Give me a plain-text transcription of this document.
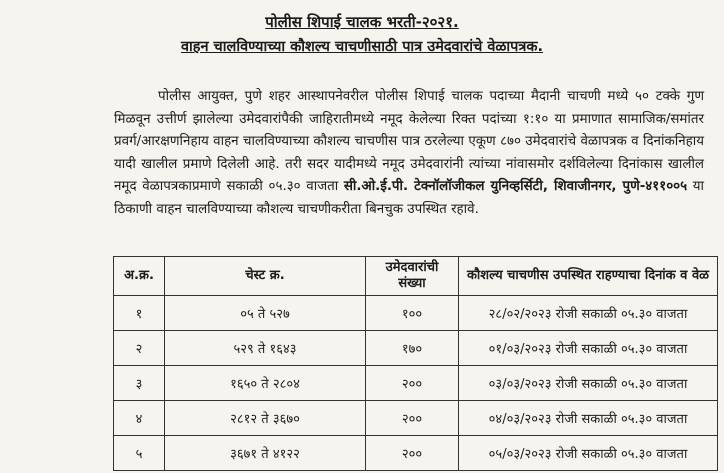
पोलीस शिपाई चालक भरती-२०२१.
वाहन चालविण्याच्या कौशल्य चाचणीसाठी पात्र उमेदवारांचे वेळापत्रक.
पोलीस आयुक्त, पुणे शहर आस्थापनेवरील पोलीस शिपाई चालक पदाच्या मैदानी चाचणी मध्ये ५० टक्के गुण मिळवून उत्तीर्ण झालेल्या उमेदवारांपैकी जाहिरातीमध्ये नमूद केलेल्या रिक्त पदांच्या १:१० या प्रमाणात सामाजिक/समांतर प्रवर्ग/आरक्षणनिहाय वाहन चालविण्याच्या कौशल्य चाचणीस पात्र ठरलेल्या एकूण ८७० उमेदवारांचे वेळापत्रक व दिनांकनिहाय यादी खालील प्रमाणे दिलेली आहे. तरी सदर यादीमध्ये नमूद उमेदवारांनी त्यांच्या नांवासमोर दर्शविलेल्या दिनांकास खालील नमूद वेळापत्रकाप्रमाणे सकाळी ०५.३० वाजता सी.ओ.ई.पी. टेक्नॉलॉजीकल युनिव्हर्सिटी, शिवाजीनगर, पुणे-४११००५ या ठिकाणी वाहन चालविण्याच्या कौशल्य चाचणीकरीता बिनचुक उपस्थित रहावे.
अ.क्र.	चेस्ट क्र.	उमेदवारांची संख्या	कौशल्य चाचणीस उपस्थित राहण्याचा दिनांक व वेळ
१	०५ ते ५२७	१००	२८/०२/२०२३ रोजी सकाळी ०५.३० वाजता
२	५२९ ते १६४३	१७०	०१/०३/२०२३ रोजी सकाळी ०५.३० वाजता
३	१६५० ते २८०४	२००	०३/०३/२०२३ रोजी सकाळी ०५.३० वाजता
४	२८१२ ते ३६७०	२००	०४/०३/२०२३ रोजी सकाळी ०५.३० वाजता
५	३६७१ ते ४१२२	२००	०५/०३/२०२३ रोजी सकाळी ०५.३० वाजता
